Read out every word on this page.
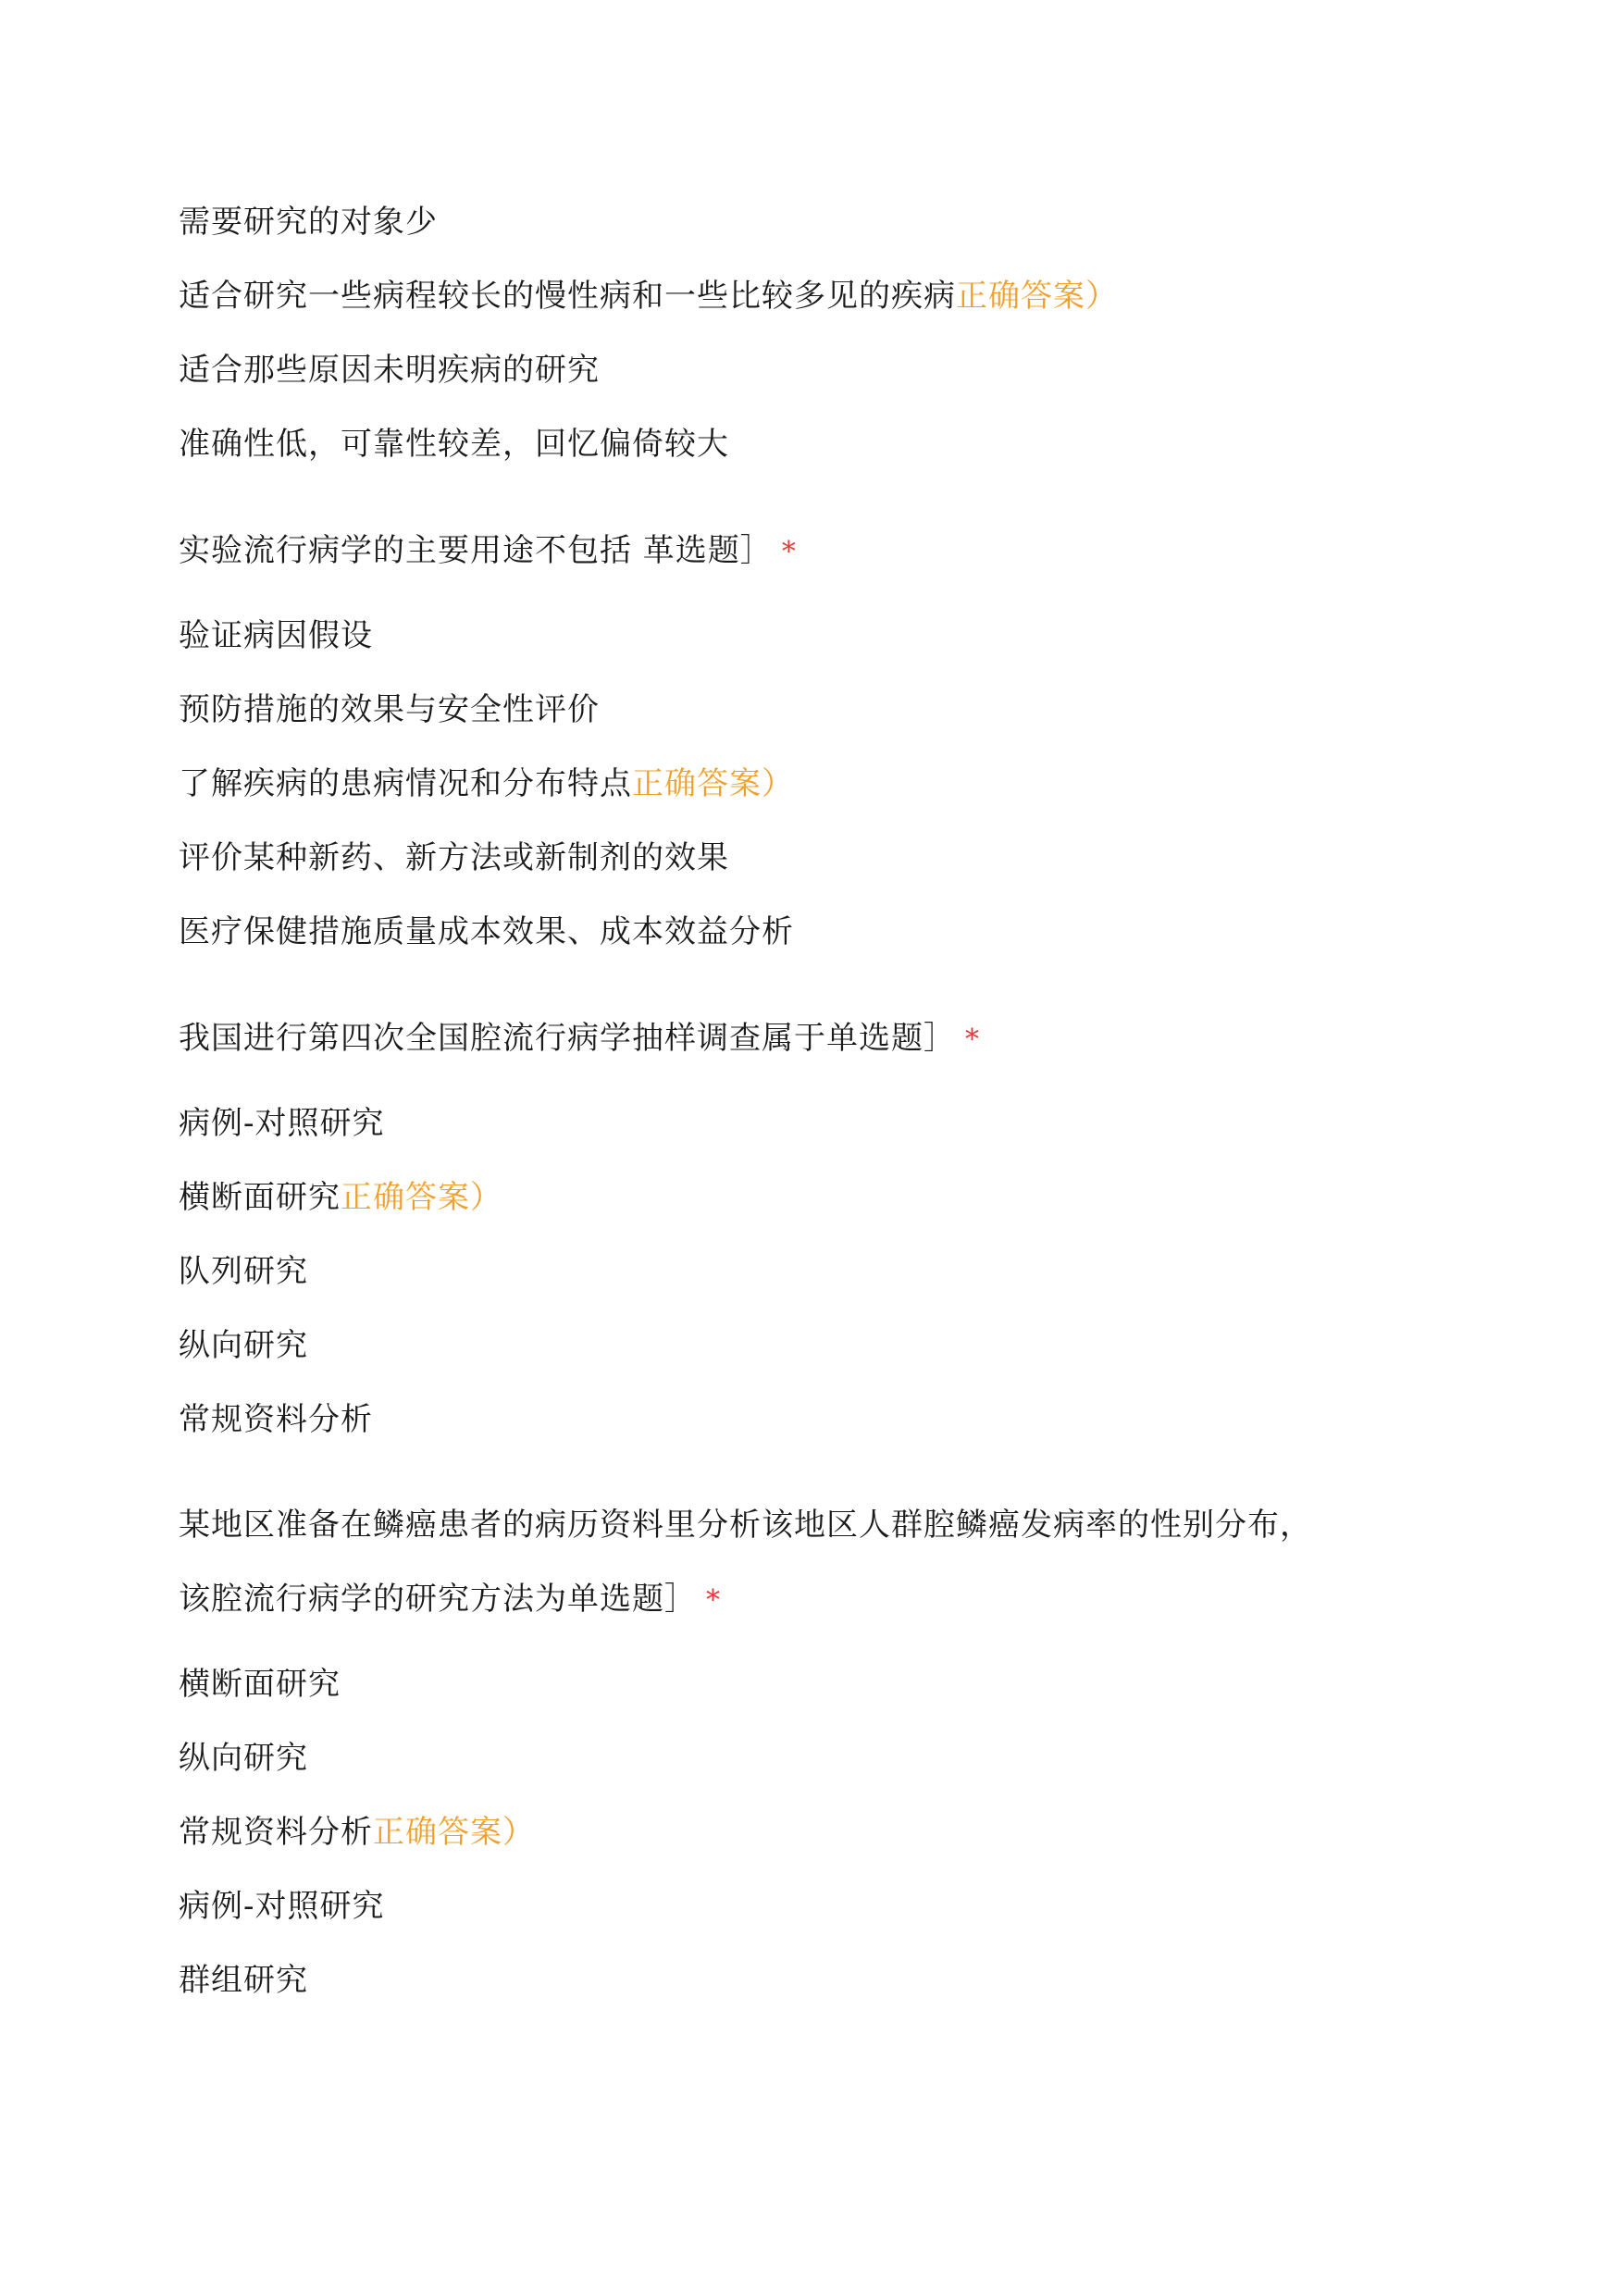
需要研究的对象少
适合研究一些病程较长的慢性病和一些比较多见的疾病正确答案）
适合那些原因未明疾病的研究
准确性低，可靠性较差，回忆偏倚较大
实验流行病学的主要用途不包括 革选题］ *
验证病因假设
预防措施的效果与安全性评价
了解疾病的患病情况和分布特点正确答案）
评价某种新药、新方法或新制剂的效果
医疗保健措施质量成本效果、成本效益分析
我国进行第四次全国腔流行病学抽样调查属于单选题］ *
病例-对照研究
横断面研究正确答案）
队列研究
纵向研究
常规资料分析
某地区准备在鳞癌患者的病历资料里分析该地区人群腔鳞癌发病率的性别分布，
该腔流行病学的研究方法为单选题］ *
横断面研究
纵向研究
常规资料分析正确答案）
病例-对照研究
群组研究
